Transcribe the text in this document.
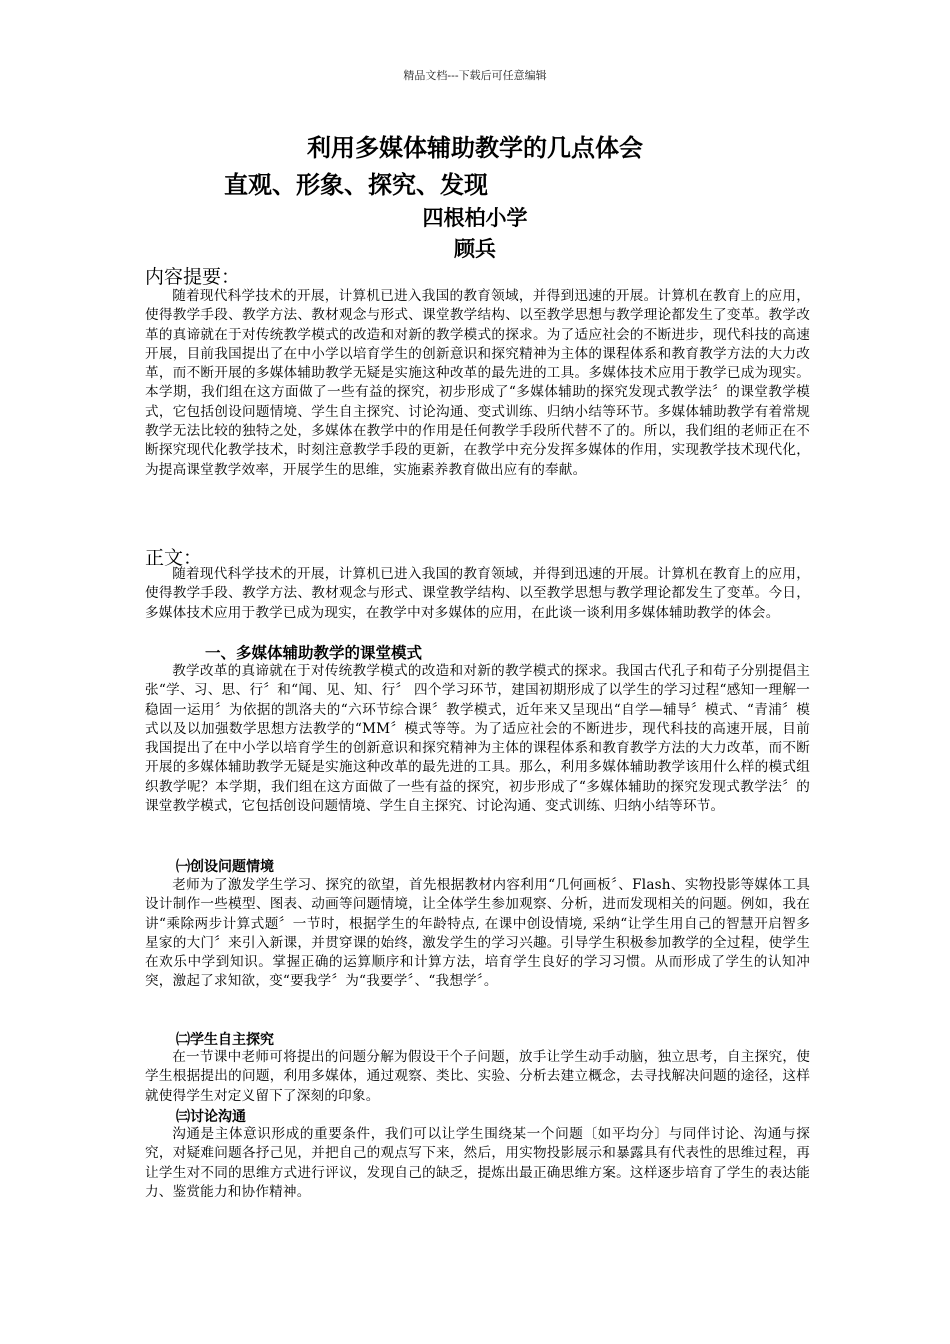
精品文档---下载后可任意编辑
利用多媒体辅助教学的几点体会
直观、形象、探究、发现
四根柏小学
顾兵
内容提要：

随着现代科学技术的开展，计算机已进入我国的教育领域，并得到迅速的开展。计算机在教育上的应用，使得教学手段、教学方法、教材观念与形式、课堂教学结构、以至教学思想与教学理论都发生了变革。教学改革的真谛就在于对传统教学模式的改造和对新的教学模式的探求。为了适应社会的不断进步，现代科技的高速开展，目前我国提出了在中小学以培育学生的创新意识和探究精神为主体的课程体系和教育教学方法的大力改革，而不断开展的多媒体辅助教学无疑是实施这种改革的最先进的工具。多媒体技术应用于教学已成为现实。本学期，我们组在这方面做了一些有益的探究，初步形成了“多媒体辅助的探究发现式教学法〞的课堂教学模式，它包括创设问题情境、学生自主探究、讨论沟通、变式训练、归纳小结等环节。多媒体辅助教学有着常规教学无法比较的独特之处，多媒体在教学中的作用是任何教学手段所代替不了的。所以，我们组的老师正在不断探究现代化教学技术，时刻注意教学手段的更新，在教学中充分发挥多媒体的作用，实现教学技术现代化，为提高课堂教学效率，开展学生的思维，实施素养教育做出应有的奉献。

正文：

随着现代科学技术的开展，计算机已进入我国的教育领域，并得到迅速的开展。计算机在教育上的应用，使得教学手段、教学方法、教材观念与形式、课堂教学结构、以至教学思想与教学理论都发生了变革。今日，多媒体技术应用于教学已成为现实，在教学中对多媒体的应用，在此谈一谈利用多媒体辅助教学的体会。

一、多媒体辅助教学的课堂模式

教学改革的真谛就在于对传统教学模式的改造和对新的教学模式的探求。我国古代孔子和荀子分别提倡主张“学、习、思、行〞和“闻、见、知、行〞 四个学习环节，建国初期形成了以学生的学习过程“感知一理解一稳固一运用〞为依据的凯洛夫的“六环节综合课〞教学模式，近年来又呈现出“自学—辅导〞模式、“青浦〞模式以及以加强数学思想方法教学的“MM〞模式等等。为了适应社会的不断进步，现代科技的高速开展，目前我国提出了在中小学以培育学生的创新意识和探究精神为主体的课程体系和教育教学方法的大力改革，而不断开展的多媒体辅助教学无疑是实施这种改革的最先进的工具。那么，利用多媒体辅助教学该用什么样的模式组织教学呢？本学期，我们组在这方面做了一些有益的探究，初步形成了“多媒体辅助的探究发现式教学法〞的课堂教学模式，它包括创设问题情境、学生自主探究、讨论沟通、变式训练、归纳小结等环节。

㈠创设问题情境

老师为了激发学生学习、探究的欲望，首先根据教材内容利用“几何画板〞、Flash、实物投影等媒体工具设计制作一些模型、图表、动画等问题情境，让全体学生参加观察、分析，进而发现相关的问题。例如，我在讲“乘除两步计算式题〞一节时，根据学生的年龄特点, 在课中创设情境, 采纳“让学生用自己的智慧开启智多星家的大门〞来引入新课，并贯穿课的始终，激发学生的学习兴趣。引导学生积极参加教学的全过程，使学生在欢乐中学到知识。掌握正确的运算顺序和计算方法，培育学生良好的学习习惯。从而形成了学生的认知冲突，激起了求知欲，变“要我学〞为“我要学〞、“我想学〞。

㈡学生自主探究

在一节课中老师可将提出的问题分解为假设干个子问题，放手让学生动手动脑，独立思考，自主探究，使学生根据提出的问题，利用多媒体，通过观察、类比、实验、分析去建立概念，去寻找解决问题的途径，这样就使得学生对定义留下了深刻的印象。

㈢讨论沟通

沟通是主体意识形成的重要条件，我们可以让学生围绕某一个问题〔如平均分〕与同伴讨论、沟通与探究，对疑难问题各抒己见，并把自己的观点写下来，然后，用实物投影展示和暴露具有代表性的思维过程，再让学生对不同的思维方式进行评议，发现自己的缺乏，提炼出最正确思维方案。这样逐步培育了学生的表达能力、鉴赏能力和协作精神。
